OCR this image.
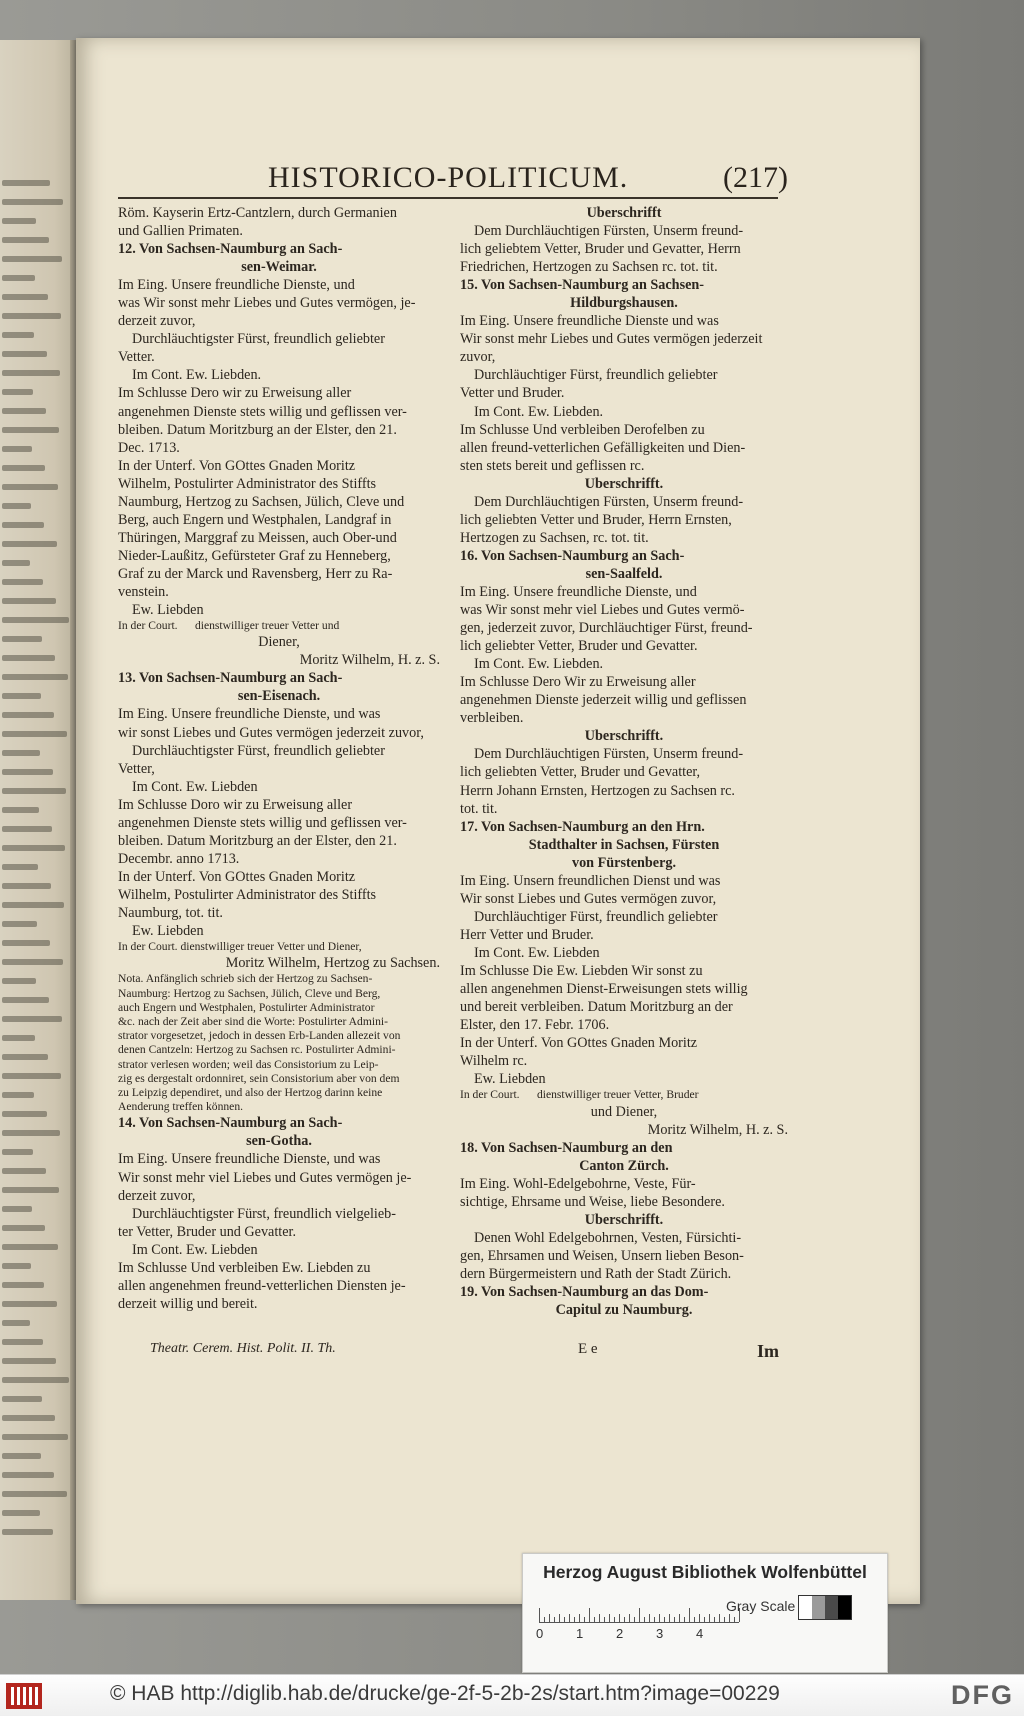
HISTORICO-POLITICUM.	(217)

Röm. Kayserin Ertz-Cantzlern, durch Germanien

und Gallien Primaten.

12. Von Sachsen-Naumburg an Sach-

sen-Weimar.

Im Eing. Unsere freundliche Dienste, und

was Wir sonst mehr Liebes und Gutes vermögen, je-

derzeit zuvor,

Durchläuchtigster Fürst, freundlich geliebter

Vetter.

Im Cont. Ew. Liebden.

Im Schlusse Dero wir zu Erweisung aller

angenehmen Dienste stets willig und geflissen ver-

bleiben. Datum Moritzburg an der Elster, den 21.

Dec. 1713.

In der Unterf. Von GOttes Gnaden Moritz

Wilhelm, Postulirter Administrator des Stiffts

Naumburg, Hertzog zu Sachsen, Jülich, Cleve und

Berg, auch Engern und Westphalen, Landgraf in

Thüringen, Marggraf zu Meissen, auch Ober-und

Nieder-Laußitz, Gefürsteter Graf zu Henneberg,

Graf zu der Marck und Ravensberg, Herr zu Ra-

venstein.

Ew. Liebden

In der Court.      dienstwilliger treuer Vetter und

Diener,

Moritz Wilhelm, H. z. S.

13. Von Sachsen-Naumburg an Sach-

sen-Eisenach.

Im Eing. Unsere freundliche Dienste, und was

wir sonst Liebes und Gutes vermögen jederzeit zuvor,

Durchläuchtigster Fürst, freundlich geliebter

Vetter,

Im Cont. Ew. Liebden

Im Schlusse Doro wir zu Erweisung aller

angenehmen Dienste stets willig und geflissen ver-

bleiben. Datum Moritzburg an der Elster, den 21.

Decembr. anno 1713.

In der Unterf. Von GOttes Gnaden Moritz

Wilhelm, Postulirter Administrator des Stiffts

Naumburg, tot. tit.

Ew. Liebden

In der Court. dienstwilliger treuer Vetter und Diener,

Moritz Wilhelm, Hertzog zu Sachsen.

Nota. Anfänglich schrieb sich der Hertzog zu Sachsen-

Naumburg: Hertzog zu Sachsen, Jülich, Cleve und Berg,

auch Engern und Westphalen, Postulirter Administrator

&c. nach der Zeit aber sind die Worte: Postulirter Admini-

strator vorgesetzet, jedoch in dessen Erb-Landen allezeit von

denen Cantzeln: Hertzog zu Sachsen rc. Postulirter Admini-

strator verlesen worden; weil das Consistorium zu Leip-

zig es dergestalt ordonniret, sein Consistorium aber von dem

zu Leipzig dependiret, und also der Hertzog darinn keine

Aenderung treffen können.

14. Von Sachsen-Naumburg an Sach-

sen-Gotha.

Im Eing. Unsere freundliche Dienste, und was

Wir sonst mehr viel Liebes und Gutes vermögen je-

derzeit zuvor,

Durchläuchtigster Fürst, freundlich vielgelieb-

ter Vetter, Bruder und Gevatter.

Im Cont. Ew. Liebden

Im Schlusse Und verbleiben Ew. Liebden zu

allen angenehmen freund-vetterlichen Diensten je-

derzeit willig und bereit.

Uberschrifft

Dem Durchläuchtigen Fürsten, Unserm freund-

lich geliebtem Vetter, Bruder und Gevatter, Herrn

Friedrichen, Hertzogen zu Sachsen rc. tot. tit.

15. Von Sachsen-Naumburg an Sachsen-

Hildburgshausen.

Im Eing. Unsere freundliche Dienste und was

Wir sonst mehr Liebes und Gutes vermögen jederzeit

zuvor,

Durchläuchtiger Fürst, freundlich geliebter

Vetter und Bruder.

Im Cont. Ew. Liebden.

Im Schlusse Und verbleiben Derofelben zu

allen freund-vetterlichen Gefälligkeiten und Dien-

sten stets bereit und geflissen rc.

Uberschrifft.

Dem Durchläuchtigen Fürsten, Unserm freund-

lich geliebten Vetter und Bruder, Herrn Ernsten,

Hertzogen zu Sachsen, rc. tot. tit.

16. Von Sachsen-Naumburg an Sach-

sen-Saalfeld.

Im Eing. Unsere freundliche Dienste, und

was Wir sonst mehr viel Liebes und Gutes vermö-

gen, jederzeit zuvor, Durchläuchtiger Fürst, freund-

lich geliebter Vetter, Bruder und Gevatter.

Im Cont. Ew. Liebden.

Im Schlusse Dero Wir zu Erweisung aller

angenehmen Dienste jederzeit willig und geflissen

verbleiben.

Uberschrifft.

Dem Durchläuchtigen Fürsten, Unserm freund-

lich geliebten Vetter, Bruder und Gevatter,

Herrn Johann Ernsten, Hertzogen zu Sachsen rc.

tot. tit.

17. Von Sachsen-Naumburg an den Hrn.

Stadthalter in Sachsen, Fürsten

von Fürstenberg.

Im Eing. Unsern freundlichen Dienst und was

Wir sonst Liebes und Gutes vermögen zuvor,

Durchläuchtiger Fürst, freundlich geliebter

Herr Vetter und Bruder.

Im Cont. Ew. Liebden

Im Schlusse Die Ew. Liebden Wir sonst zu

allen angenehmen Dienst-Erweisungen stets willig

und bereit verbleiben. Datum Moritzburg an der

Elster, den 17. Febr. 1706.

In der Unterf. Von GOttes Gnaden Moritz

Wilhelm rc.

Ew. Liebden

In der Court.      dienstwilliger treuer Vetter, Bruder

und Diener,

Moritz Wilhelm, H. z. S.

18. Von Sachsen-Naumburg an den

Canton Zürch.

Im Eing. Wohl-Edelgebohrne, Veste, Für-

sichtige, Ehrsame und Weise, liebe Besondere.

Uberschrifft.

Denen Wohl Edelgebohrnen, Vesten, Fürsichti-

gen, Ehrsamen und Weisen, Unsern lieben Beson-

dern Bürgermeistern und Rath der Stadt Zürich.

19. Von Sachsen-Naumburg an das Dom-

Capitul zu Naumburg.

Theatr. Cerem. Hist. Polit. II. Th.	E e	Im
Herzog August Bibliothek Wolfenbüttel
0	1	2	3	4
Gray Scale
© HAB http://diglib.hab.de/drucke/ge-2f-5-2b-2s/start.htm?image=00229	DFG
